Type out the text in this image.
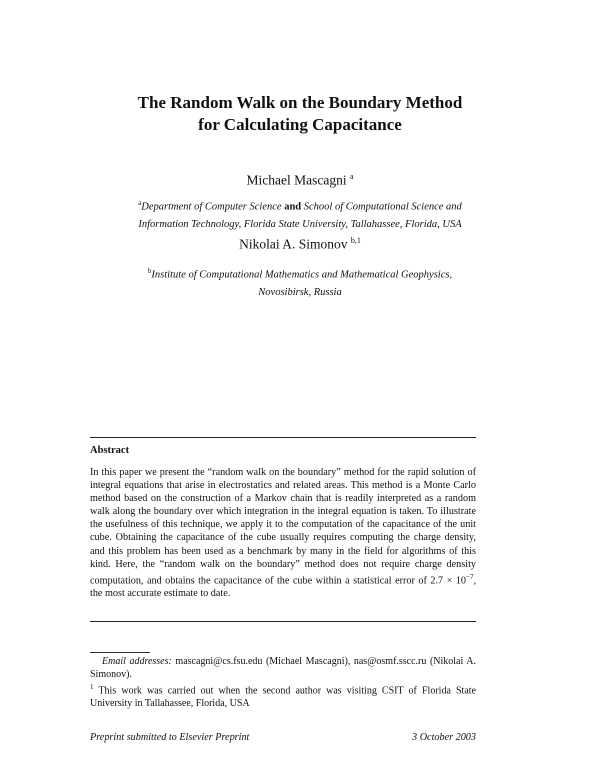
The Random Walk on the Boundary Method
for Calculating Capacitance
Michael Mascagni $^a$
$^a$Department of Computer Science and School of Computational Science and
Information Technology, Florida State University, Tallahassee, Florida, USA
Nikolai A. Simonov $^{b,1}$
$^b$Institute of Computational Mathematics and Mathematical Geophysics,
Novosibirsk, Russia
Abstract
In this paper we present the “random walk on the boundary” method for the rapid solution of integral equations that arise in electrostatics and related areas. This method is a Monte Carlo method based on the construction of a Markov chain that is readily interpreted as a random walk along the boundary over which integration in the integral equation is taken. To illustrate the usefulness of this technique, we apply it to the computation of the capacitance of the unit cube. Obtaining the capacitance of the cube usually requires computing the charge density, and this problem has been used as a benchmark by many in the field for algorithms of this kind. Here, the “random walk on the boundary” method does not require charge density computation, and obtains the capacitance of the cube within a statistical error of $2.7 \times 10^{-7}$, the most accurate estimate to date.
Email addresses: mascagni@cs.fsu.edu (Michael Mascagni), nas@osmf.sscc.ru (Nikolai A. Simonov).
$^1$ This work was carried out when the second author was visiting CSIT of Florida State University in Tallahassee, Florida, USA
Preprint submitted to Elsevier Preprint	3 October 2003
